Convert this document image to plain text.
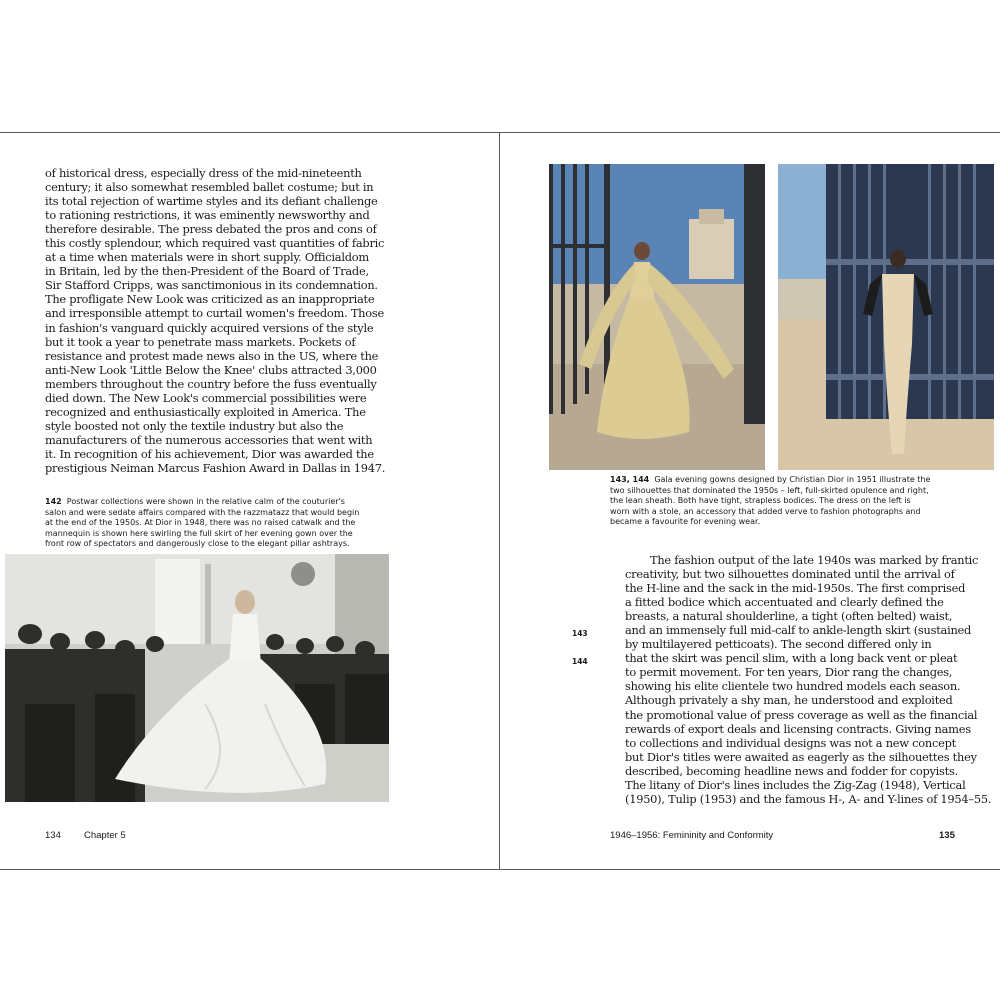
of historical dress, especially dress of the mid-nineteenth
century; it also somewhat resembled ballet costume; but in
its total rejection of wartime styles and its defiant challenge
to rationing restrictions, it was eminently newsworthy and
therefore desirable. The press debated the pros and cons of
this costly splendour, which required vast quantities of fabric
at a time when materials were in short supply. Officialdom
in Britain, led by the then-President of the Board of Trade,
Sir Stafford Cripps, was sanctimonious in its condemnation.
The profligate New Look was criticized as an inappropriate
and irresponsible attempt to curtail women's freedom. Those
in fashion's vanguard quickly acquired versions of the style
but it took a year to penetrate mass markets. Pockets of
resistance and protest made news also in the US, where the
anti-New Look 'Little Below the Knee' clubs attracted 3,000
members throughout the country before the fuss eventually
died down. The New Look's commercial possibilities were
recognized and enthusiastically exploited in America. The
style boosted not only the textile industry but also the
manufacturers of the numerous accessories that went with
it. In recognition of his achievement, Dior was awarded the
prestigious Neiman Marcus Fashion Award in Dallas in 1947.
142 Postwar collections were shown in the relative calm of the couturier's
salon and were sedate affairs compared with the razzmatazz that would begin
at the end of the 1950s. At Dior in 1948, there was no raised catwalk and the
mannequin is shown here swirling the full skirt of her evening gown over the
front row of spectators and dangerously close to the elegant pillar ashtrays.
134 Chapter 5
143, 144 Gala evening gowns designed by Christian Dior in 1951 illustrate the
two silhouettes that dominated the 1950s – left, full-skirted opulence and right,
the lean sheath. Both have tight, strapless bodices. The dress on the left is
worn with a stole, an accessory that added verve to fashion photographs and
became a favourite for evening wear.
143
144
The fashion output of the late 1940s was marked by frantic
creativity, but two silhouettes dominated until the arrival of
the H-line and the sack in the mid-1950s. The first comprised
a fitted bodice which accentuated and clearly defined the
breasts, a natural shoulderline, a tight (often belted) waist,
and an immensely full mid-calf to ankle-length skirt (sustained
by multilayered petticoats). The second differed only in
that the skirt was pencil slim, with a long back vent or pleat
to permit movement. For ten years, Dior rang the changes,
showing his elite clientele two hundred models each season.
Although privately a shy man, he understood and exploited
the promotional value of press coverage as well as the financial
rewards of export deals and licensing contracts. Giving names
to collections and individual designs was not a new concept
but Dior's titles were awaited as eagerly as the silhouettes they
described, becoming headline news and fodder for copyists.
The litany of Dior's lines includes the Zig-Zag (1948), Vertical
(1950), Tulip (1953) and the famous H-, A- and Y-lines of 1954–55.
1946–1956: Femininity and Conformity	135
